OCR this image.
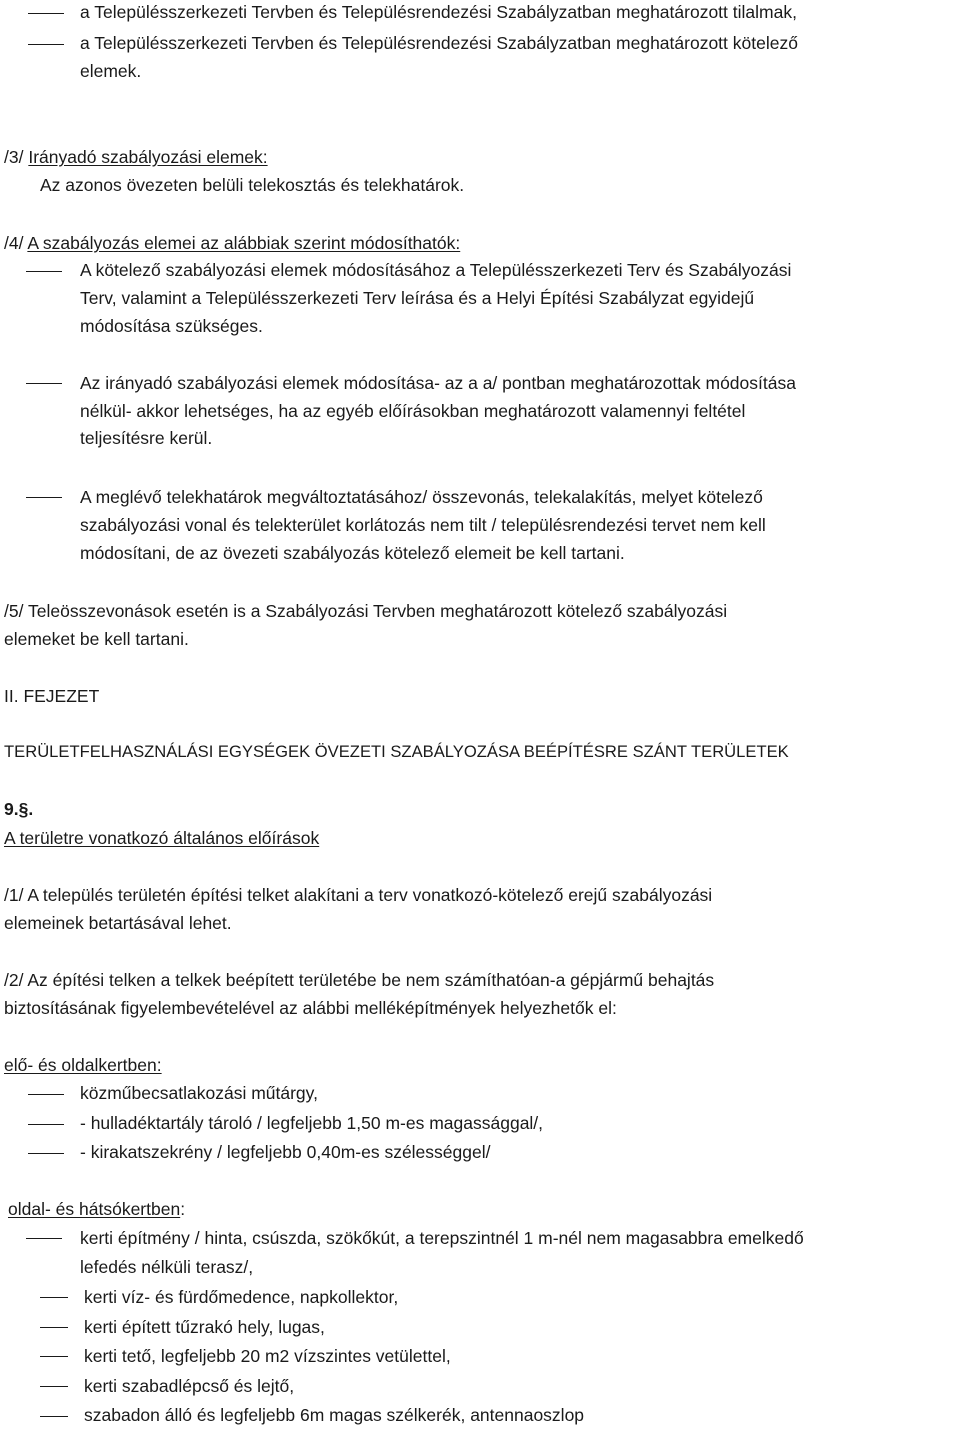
a Településszerkezeti Tervben és Településrendezési Szabályzatban meghatározott tilalmak,
a Településszerkezeti Tervben és Településrendezési Szabályzatban meghatározott kötelező
elemek.
/3/ Irányadó szabályozási elemek:
Az azonos övezeten belüli telekosztás és telekhatárok.
/4/ A szabályozás elemei az alábbiak szerint módosíthatók:
A kötelező szabályozási elemek módosításához a Településszerkezeti Terv és Szabályozási
Terv, valamint a Településszerkezeti Terv leírása és a Helyi Építési Szabályzat egyidejű
módosítása szükséges.
Az irányadó szabályozási elemek módosítása- az a a/ pontban meghatározottak módosítása
nélkül- akkor lehetséges, ha az egyéb előírásokban meghatározott valamennyi feltétel
teljesítésre kerül.
A meglévő telekhatárok megváltoztatásához/ összevonás, telekalakítás, melyet kötelező
szabályozási vonal és telekterület korlátozás nem tilt / településrendezési tervet nem kell
módosítani, de az övezeti szabályozás kötelező elemeit be kell tartani.
/5/ Teleösszevonások esetén is a Szabályozási Tervben meghatározott kötelező szabályozási
elemeket be kell tartani.
II. FEJEZET
TERÜLETFELHASZNÁLÁSI EGYSÉGEK ÖVEZETI SZABÁLYOZÁSA BEÉPÍTÉSRE SZÁNT TERÜLETEK
9.§.
A területre vonatkozó általános előírások
/1/ A település területén építési telket alakítani a terv vonatkozó-kötelező erejű szabályozási
elemeinek betartásával lehet.
/2/ Az építési telken a telkek beépített területébe be nem számíthatóan-a gépjármű behajtás
biztosításának figyelembevételével az alábbi melléképítmények helyezhetők el:
elő- és oldalkertben:
közműbecsatlakozási műtárgy,
- hulladéktartály tároló / legfeljebb 1,50 m-es magassággal/,
- kirakatszekrény / legfeljebb 0,40m-es szélességgel/
oldal- és hátsókertben:
kerti építmény / hinta, csúszda, szökőkút, a terepszintnél 1 m-nél nem magasabbra emelkedő
lefedés nélküli terasz/,
kerti víz- és fürdőmedence, napkollektor,
kerti épített tűzrakó hely, lugas,
kerti tető, legfeljebb 20 m2 vízszintes vetülettel,
kerti szabadlépcső és lejtő,
szabadon álló és legfeljebb 6m magas szélkerék, antennaoszlop
